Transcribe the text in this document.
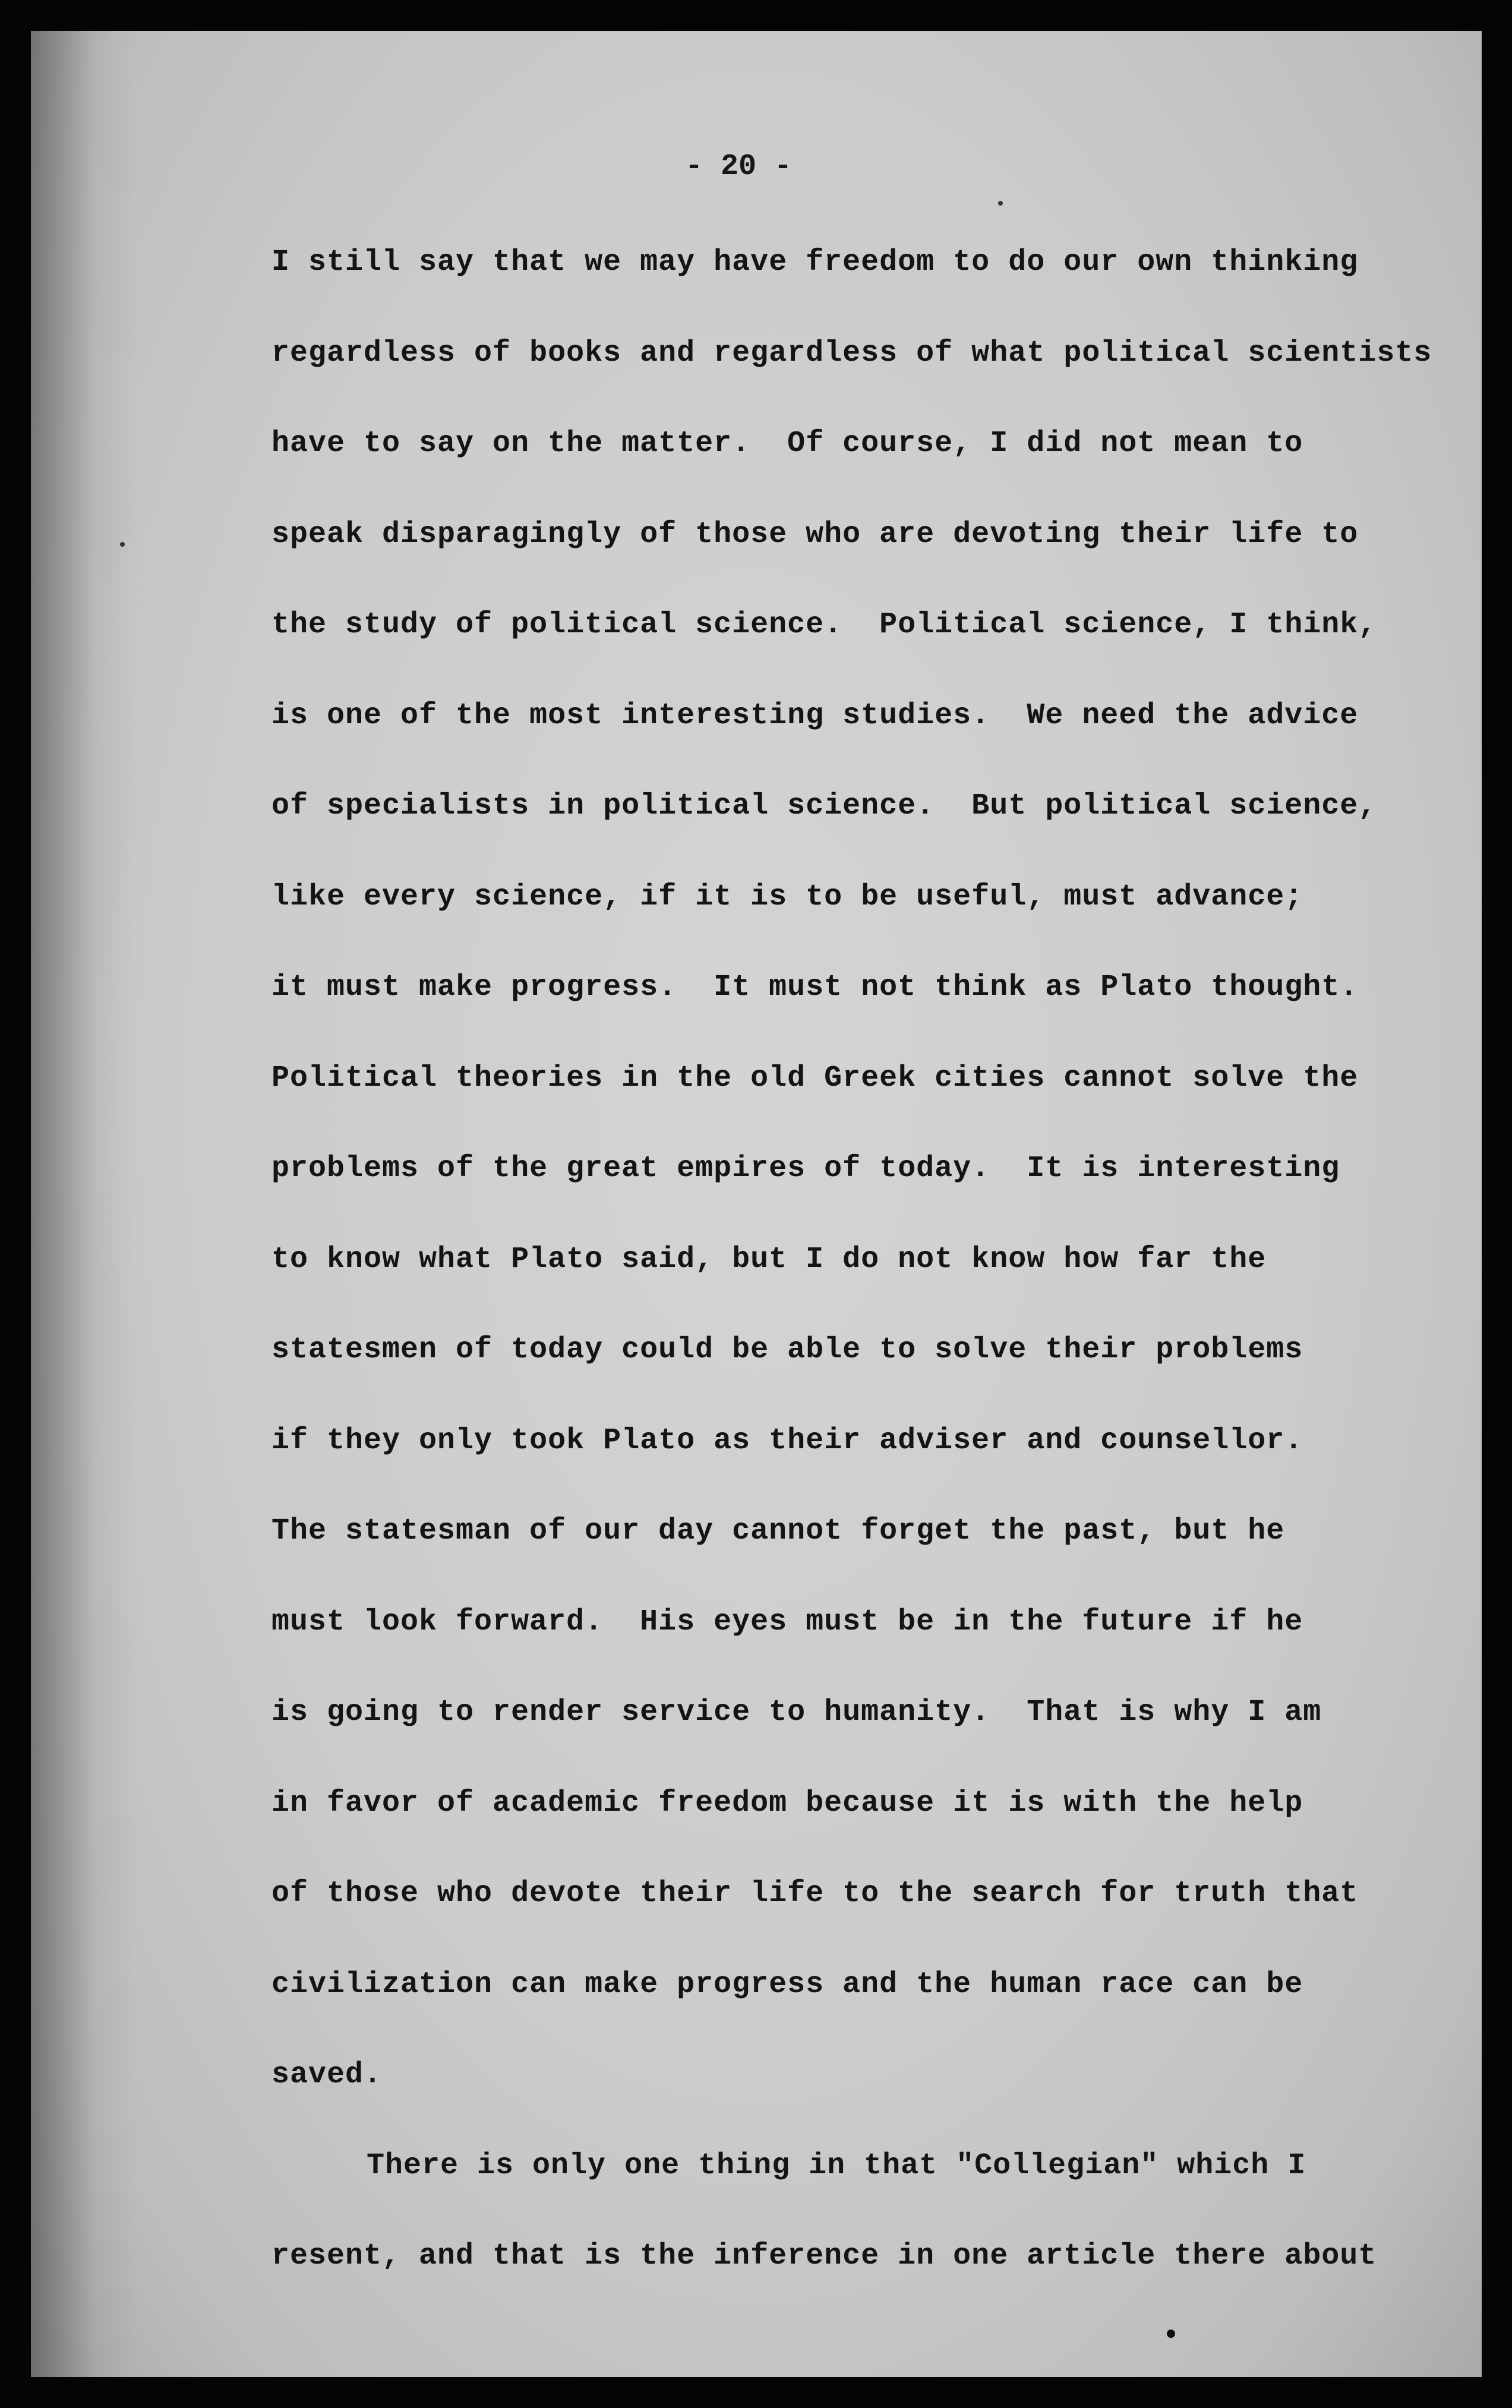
- 20 -
I still say that we may have freedom to do our own thinking
regardless of books and regardless of what political scientists
have to say on the matter.  Of course, I did not mean to
speak disparagingly of those who are devoting their life to
the study of political science.  Political science, I think,
is one of the most interesting studies.  We need the advice
of specialists in political science.  But political science,
like every science, if it is to be useful, must advance;
it must make progress.  It must not think as Plato thought.
Political theories in the old Greek cities cannot solve the
problems of the great empires of today.  It is interesting
to know what Plato said, but I do not know how far the
statesmen of today could be able to solve their problems
if they only took Plato as their adviser and counsellor.
The statesman of our day cannot forget the past, but he
must look forward.  His eyes must be in the future if he
is going to render service to humanity.  That is why I am
in favor of academic freedom because it is with the help
of those who devote their life to the search for truth that
civilization can make progress and the human race can be
saved.
There is only one thing in that "Collegian" which I
resent, and that is the inference in one article there about
